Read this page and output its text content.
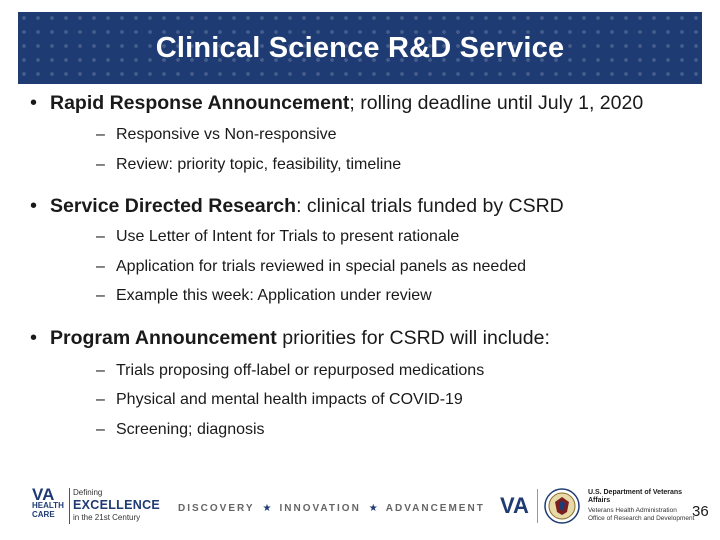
Clinical Science R&D Service
• Rapid Response Announcement; rolling deadline until July 1, 2020
– Responsive vs Non-responsive
– Review: priority topic, feasibility, timeline
• Service Directed Research: clinical trials funded by CSRD
– Use Letter of Intent for Trials to present rationale
– Application for trials reviewed in special panels as needed
– Example this week: Application under review
• Program Announcement priorities for CSRD will include:
– Trials proposing off-label or repurposed medications
– Physical and mental health impacts of COVID-19
– Screening; diagnosis
VA
HEALTH
CARE
Defining
EXCELLENCE
in the 21st Century
DISCOVERY ★ INNOVATION ★ ADVANCEMENT VA
U.S. Department of Veterans Affairs
Veterans Health Administration
Office of Research and Development
36
